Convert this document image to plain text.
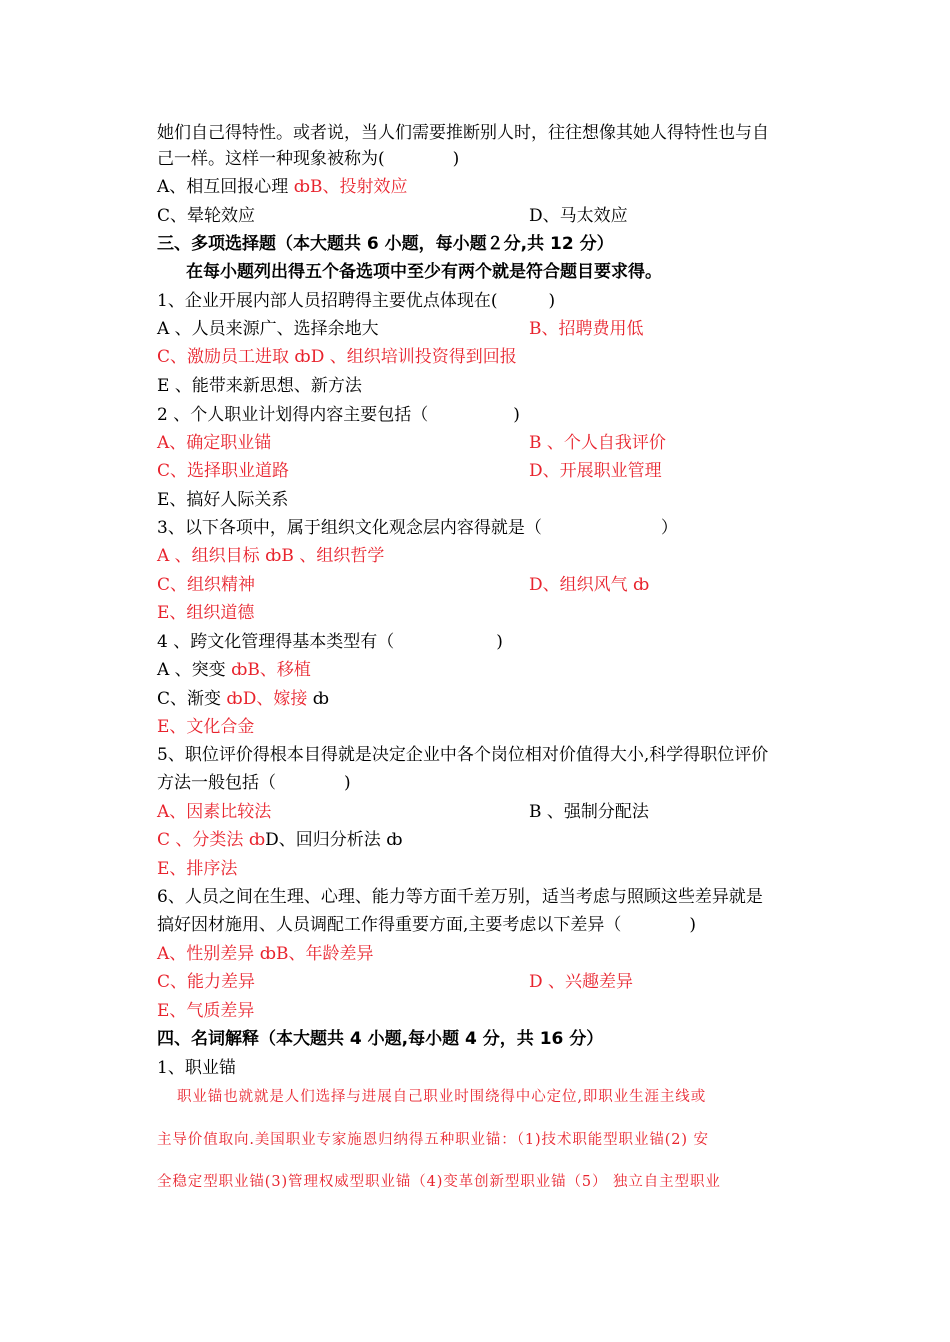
她们自己得特性。或者说，当人们需要推断别人时，往往想像其她人得特性也与自
己一样。这样一种现象被称为(　　　　)
A、相互回报心理 ȸB、投射效应
C、晕轮效应	D、马太效应
三、多项选择题（本大题共 6 小题，每小题２分,共 12 分）
在每小题列出得五个备选项中至少有两个就是符合题目要求得。
1、企业开展内部人员招聘得主要优点体现在(　　　)
A 、人员来源广、选择余地大	B、招聘费用低
C、激励员工进取 ȸD 、组织培训投资得到回报
E 、能带来新思想、新方法
2 、个人职业计划得内容主要包括（　　　　　)
A、确定职业锚	B 、个人自我评价
C、选择职业道路	D、开展职业管理
E、搞好人际关系
3、以下各项中，属于组织文化观念层内容得就是（　　　　　　　）
A 、组织目标 ȸB 、组织哲学
C、组织精神	D、组织风气 ȸ
E、组织道德
4 、跨文化管理得基本类型有（　　　　　　)
A 、突变 ȸB、移植
C、渐变 ȸD、嫁接 ȸ
E、文化合金
5、职位评价得根本目得就是决定企业中各个岗位相对价值得大小,科学得职位评价
方法一般包括（　　　　)
A、因素比较法	B 、强制分配法
C 、分类法 ȸD、回归分析法 ȸ
E、排序法
6、人员之间在生理、心理、能力等方面千差万别，适当考虑与照顾这些差异就是
搞好因材施用、人员调配工作得重要方面,主要考虑以下差异（　　　　)
A、性别差异 ȸB、年龄差异
C、能力差异	D 、兴趣差异
E、气质差异
四、名词解释（本大题共 4 小题,每小题 4 分，共 16 分）
1、职业锚
职业锚也就就是人们选择与进展自己职业时围绕得中心定位,即职业生涯主线或
主导价值取向.美国职业专家施恩归纳得五种职业锚：（1)技术职能型职业锚(2) 安
全稳定型职业锚(3)管理权威型职业锚（4)变革创新型职业锚（5） 独立自主型职业
